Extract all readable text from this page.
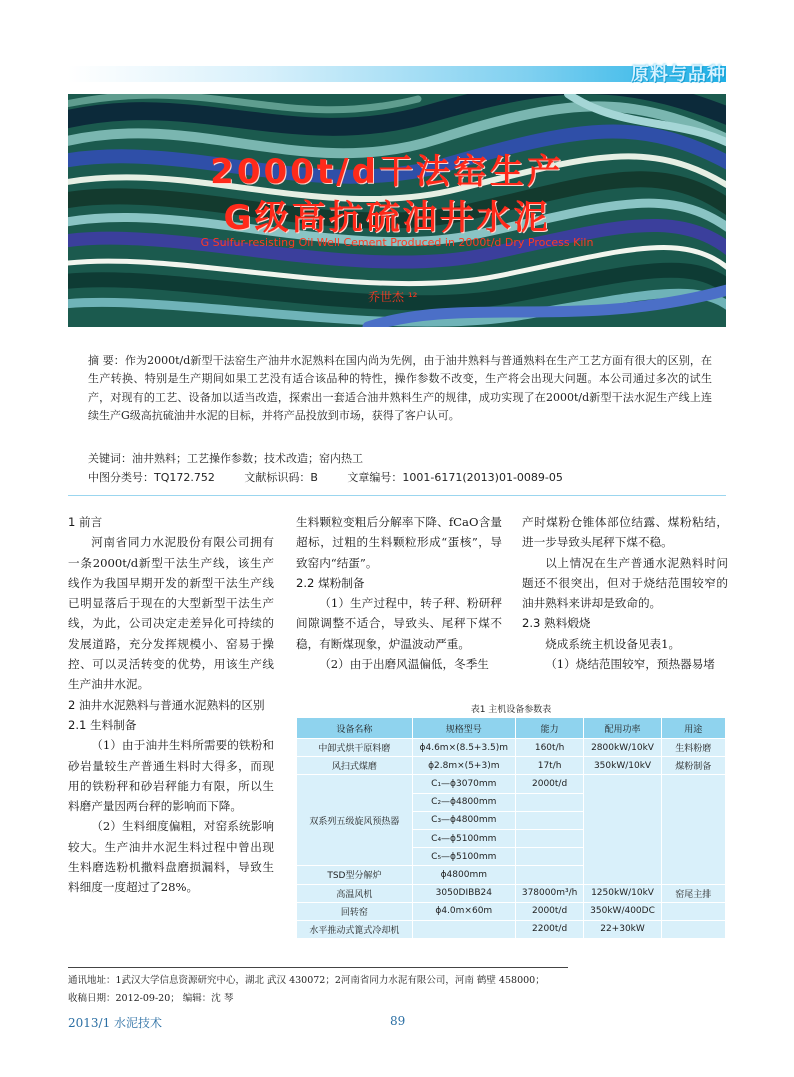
原料与品种
2000t/d干法窑生产
G级高抗硫油井水泥
G Sulfur-resisting Oil Well Cement Produced in 2000t/d Dry Process Kiln
乔世杰 ¹²
摘 要：作为2000t/d新型干法窑生产油井水泥熟料在国内尚为先例，由于油井熟料与普通熟料在生产工艺方面有很大的区别，在生产转换、特别是生产期间如果工艺没有适合该品种的特性，操作参数不改变，生产将会出现大问题。本公司通过多次的试生产，对现有的工艺、设备加以适当改造，探索出一套适合油井熟料生产的规律，成功实现了在2000t/d新型干法水泥生产线上连续生产G级高抗硫油井水泥的目标，并将产品投放到市场，获得了客户认可。
关键词：油井熟料；工艺操作参数；技术改造；窑内热工
中图分类号：TQ172.752	文献标识码：B	文章编号：1001-6171(2013)01-0089-05

1 前言

河南省同力水泥股份有限公司拥有一条2000t/d新型干法生产线，该生产线作为我国早期开发的新型干法生产线已明显落后于现在的大型新型干法生产线，为此，公司决定走差异化可持续的发展道路，充分发挥规模小、窑易于操控、可以灵活转变的优势，用该生产线生产油井水泥。

2 油井水泥熟料与普通水泥熟料的区别

2.1 生料制备

（1）由于油井生料所需要的铁粉和砂岩量较生产普通生料时大得多，而现用的铁粉秤和砂岩秤能力有限，所以生料磨产量因两台秤的影响而下降。

（2）生料细度偏粗，对窑系统影响较大。生产油井水泥生料过程中曾出现生料磨选粉机撒料盘磨损漏料，导致生料细度一度超过了28%。

生料颗粒变粗后分解率下降、fCaO含量超标，过粗的生料颗粒形成“蛋核”，导致窑内“结蛋”。

2.2 煤粉制备

（1）生产过程中，转子秤、粉研秤间隙调整不适合，导致头、尾秤下煤不稳，有断煤现象，炉温波动严重。

（2）由于出磨风温偏低，冬季生

产时煤粉仓锥体部位结露、煤粉粘结，进一步导致头尾秤下煤不稳。

以上情况在生产普通水泥熟料时问题还不很突出，但对于烧结范围较窄的油井熟料来讲却是致命的。

2.3 熟料煅烧

烧成系统主机设备见表1。

（1）烧结范围较窄，预热器易堵

表1 主机设备参数表
设备名称	规格型号	能力	配用功率	用途
中卸式烘干原料磨	ϕ4.6m×(8.5+3.5)m	160t/h	2800kW/10kV	生料粉磨
风扫式煤磨	ϕ2.8m×(5+3)m	17t/h	350kW/10kV	煤粉制备
双系列五级旋风预热器	C₁—ϕ3070mm	2000t/d		
	C₂—ϕ4800mm			
	C₃—ϕ4800mm			
	C₄—ϕ5100mm			
	C₅—ϕ5100mm			
TSD型分解炉	ϕ4800mm			
高温风机	3050DIBB24	378000m³/h	1250kW/10kV	窑尾主排
回转窑	ϕ4.0m×60m	2000t/d	350kW/400DC	
水平推动式篦式冷却机		2200t/d	22+30kW	
通讯地址：1武汉大学信息资源研究中心，湖北 武汉 430072；2河南省同力水泥有限公司，河南 鹤壁 458000；
收稿日期：2012-09-20； 编辑：沈 琴
2013/1 水泥技术	89
